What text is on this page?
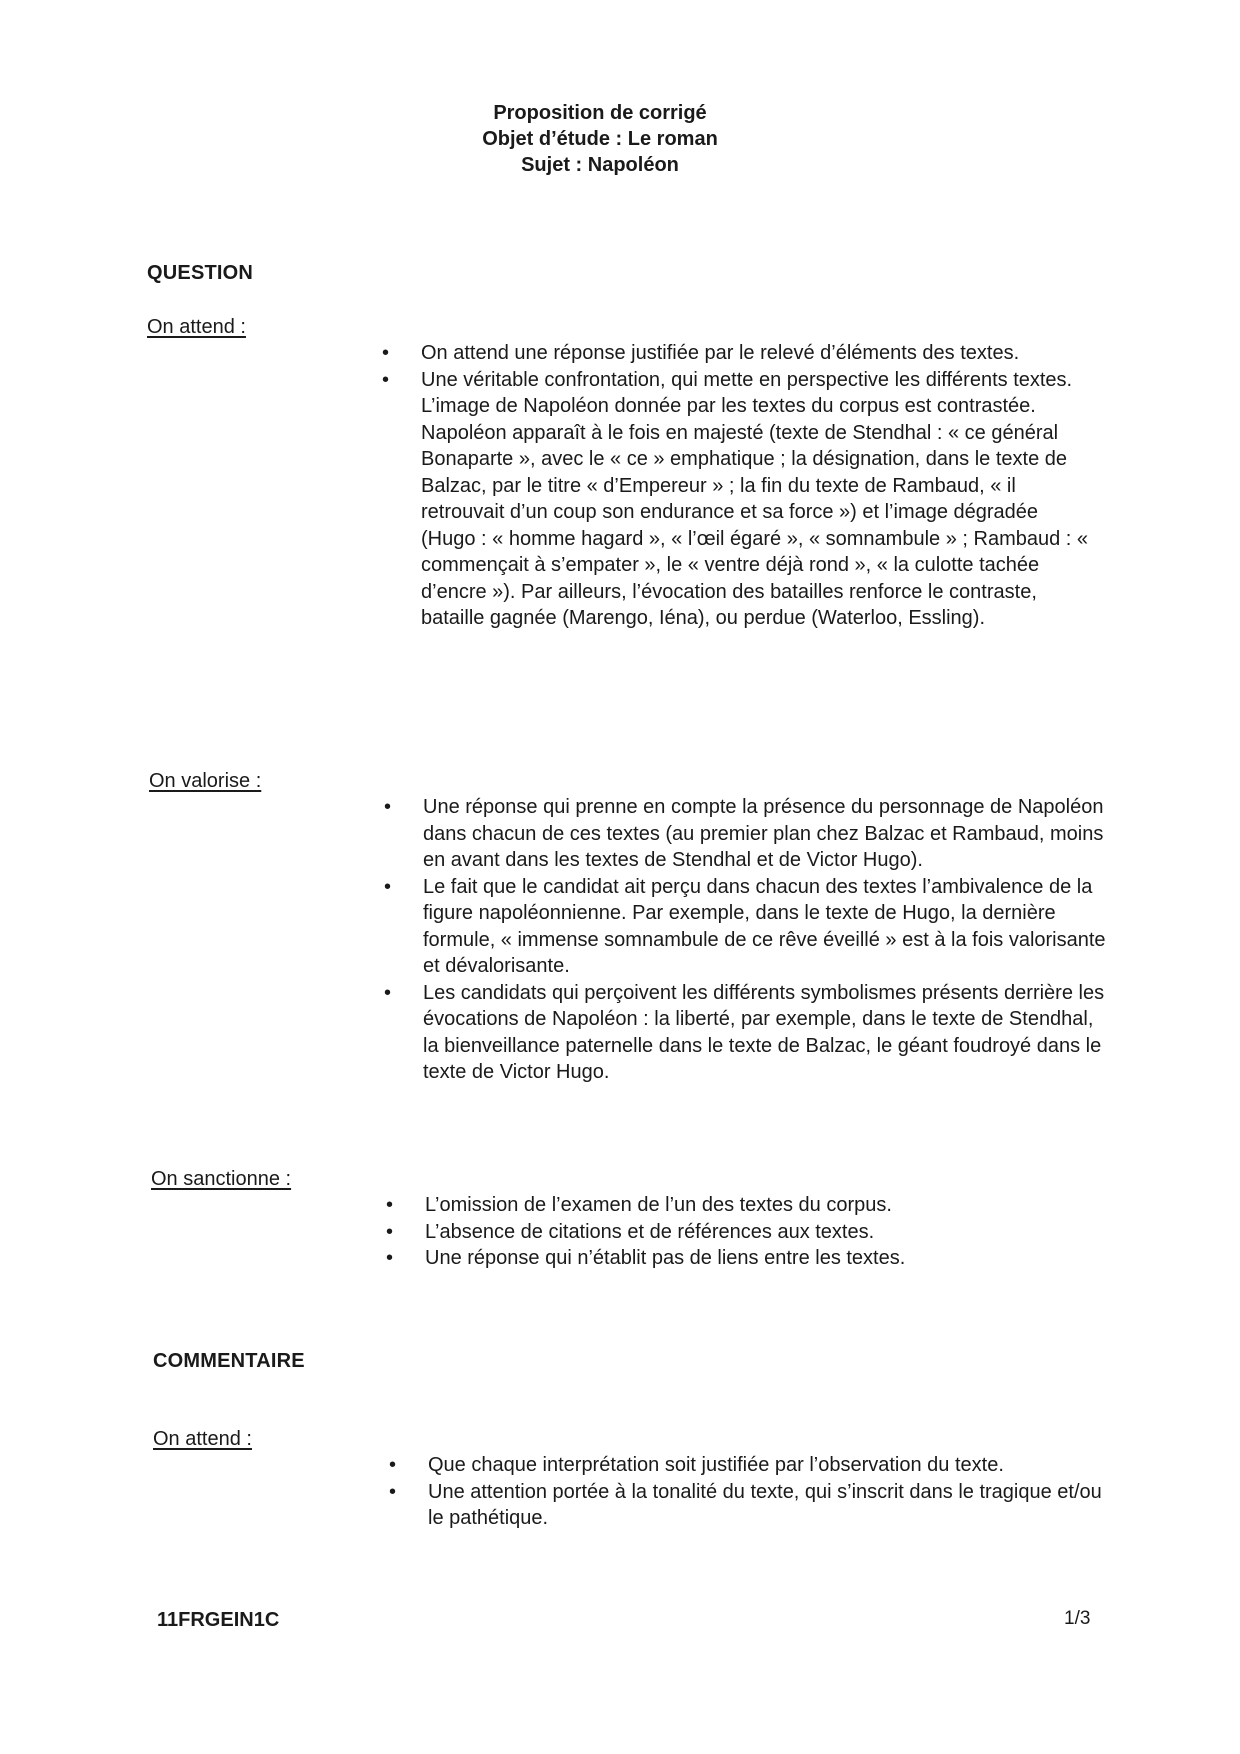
Proposition de corrigé
Objet d’étude : Le roman
Sujet : Napoléon
QUESTION
On attend :
• On attend une réponse justifiée par le relevé d’éléments des textes.
• Une véritable confrontation, qui mette en perspective les différents textes. L’image de Napoléon donnée par les textes du corpus est contrastée. Napoléon apparaît à le fois en majesté (texte de Stendhal : « ce général Bonaparte », avec le « ce » emphatique ; la désignation, dans le texte de Balzac, par le titre « d’Empereur » ; la fin du texte de Rambaud, « il retrouvait d’un coup son endurance et sa force ») et l’image dégradée (Hugo : « homme hagard », « l’œil égaré », « somnambule » ; Rambaud : « commençait à s’empater », le « ventre déjà rond », « la culotte tachée d’encre »). Par ailleurs, l’évocation des batailles renforce le contraste, bataille gagnée (Marengo, Iéna), ou perdue (Waterloo, Essling).
On valorise :
• Une réponse qui prenne en compte la présence du personnage de Napoléon dans chacun de ces textes (au premier plan chez Balzac et Rambaud, moins en avant dans les textes de Stendhal et de Victor Hugo).
• Le fait que le candidat ait perçu dans chacun des textes l’ambivalence de la figure napoléonnienne. Par exemple, dans le texte de Hugo, la dernière formule, « immense somnambule de ce rêve éveillé » est à la fois valorisante et dévalorisante.
• Les candidats qui perçoivent les différents symbolismes présents derrière les évocations de Napoléon : la liberté, par exemple, dans le texte de Stendhal, la bienveillance paternelle dans le texte de Balzac, le géant foudroyé dans le texte de Victor Hugo.
On sanctionne :
• L’omission de l’examen de l’un des textes du corpus.
• L’absence de citations et de références aux textes.
• Une réponse qui n’établit pas de liens entre les textes.
COMMENTAIRE
On attend :
• Que chaque interprétation soit justifiée par l’observation du texte.
• Une attention portée à la tonalité du texte, qui s’inscrit dans le tragique et/ou le pathétique.
11FRGEIN1C	1/3
